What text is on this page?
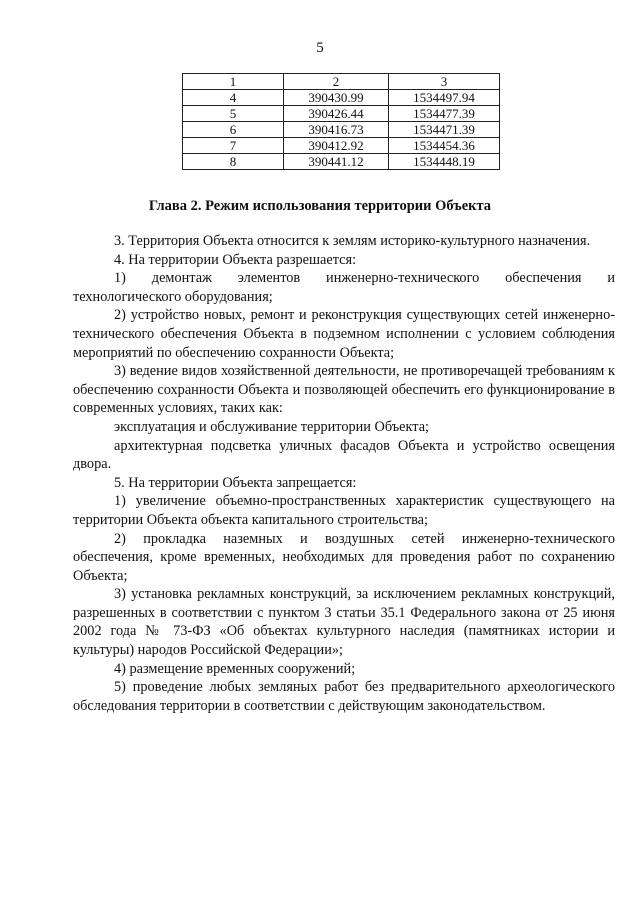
5
1	2	3
4	390430.99	1534497.94
5	390426.44	1534477.39
6	390416.73	1534471.39
7	390412.92	1534454.36
8	390441.12	1534448.19
Глава 2. Режим использования территории Объекта

3. Территория Объекта относится к землям историко-культурного назначения.

4. На территории Объекта разрешается:

1) демонтаж элементов инженерно-технического обеспечения и технологического оборудования;

2) устройство новых, ремонт и реконструкция существующих сетей инженерно-технического обеспечения Объекта в подземном исполнении с условием соблюдения мероприятий по обеспечению сохранности Объекта;

3) ведение видов хозяйственной деятельности, не противоречащей требованиям к обеспечению сохранности Объекта и позволяющей обеспечить его функционирование в современных условиях, таких как:

эксплуатация и обслуживание территории Объекта;

архитектурная подсветка уличных фасадов Объекта и устройство освещения двора.

5. На территории Объекта запрещается:

1) увеличение объемно-пространственных характеристик существующего на территории Объекта объекта капитального строительства;

2) прокладка наземных и воздушных сетей инженерно-технического обеспечения, кроме временных, необходимых для проведения работ по сохранению Объекта;

3) установка рекламных конструкций, за исключением рекламных конструкций, разрешенных в соответствии с пунктом 3 статьи 35.1 Федерального закона от 25 июня 2002 года № 73-ФЗ «Об объектах культурного наследия (памятниках истории и культуры) народов Российской Федерации»;

4) размещение временных сооружений;

5) проведение любых земляных работ без предварительного археологического обследования территории в соответствии с действующим законодательством.
